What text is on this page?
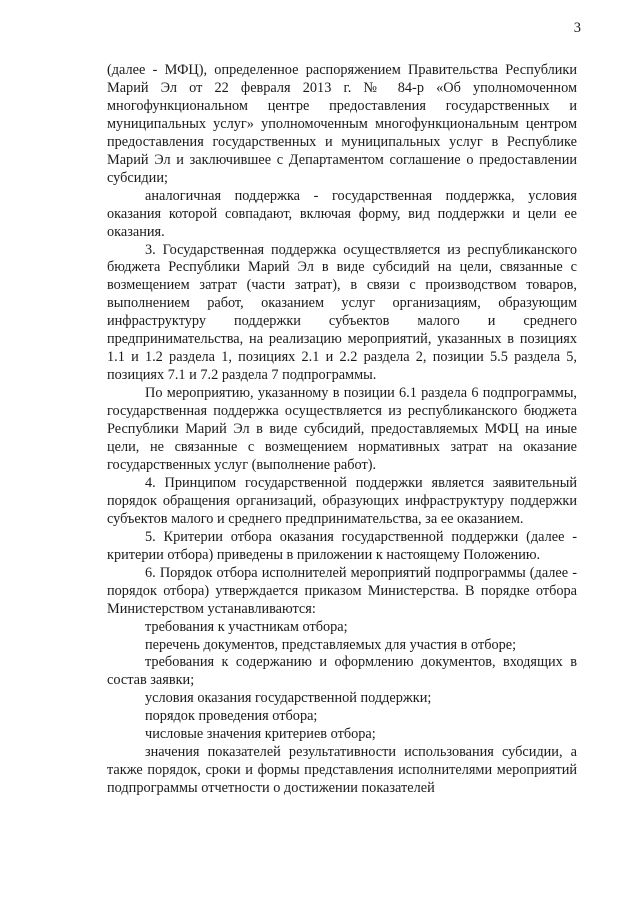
3

(далее - МФЦ), определенное распоряжением Правительства Республики Марий Эл от 22 февраля 2013 г. № 84-р «Об уполномоченном многофункциональном центре предоставления государственных и муниципальных услуг» уполномоченным многофункциональным центром предоставления государственных и муниципальных услуг в Республике Марий Эл и заключившее с Департаментом соглашение о предоставлении субсидии;

аналогичная поддержка - государственная поддержка, условия оказания которой совпадают, включая форму, вид поддержки и цели ее оказания.

3. Государственная поддержка осуществляется из республиканского бюджета Республики Марий Эл в виде субсидий на цели, связанные с возмещением затрат (части затрат), в связи с производством товаров, выполнением работ, оказанием услуг организациям, образующим инфраструктуру поддержки субъектов малого и среднего предпринимательства, на реализацию мероприятий, указанных в позициях 1.1 и 1.2 раздела 1, позициях 2.1 и 2.2 раздела 2, позиции 5.5 раздела 5, позициях 7.1 и 7.2 раздела 7 подпрограммы.

По мероприятию, указанному в позиции 6.1 раздела 6 подпрограммы, государственная поддержка осуществляется из республиканского бюджета Республики Марий Эл в виде субсидий, предоставляемых МФЦ на иные цели, не связанные с возмещением нормативных затрат на оказание государственных услуг (выполнение работ).

4. Принципом государственной поддержки является заявительный порядок обращения организаций, образующих инфраструктуру поддержки субъектов малого и среднего предпринимательства, за ее оказанием.

5. Критерии отбора оказания государственной поддержки (далее - критерии отбора) приведены в приложении к настоящему Положению.

6. Порядок отбора исполнителей мероприятий подпрограммы (далее - порядок отбора) утверждается приказом Министерства. В порядке отбора Министерством устанавливаются:

требования к участникам отбора;

перечень документов, представляемых для участия в отборе;

требования к содержанию и оформлению документов, входящих в состав заявки;

условия оказания государственной поддержки;

порядок проведения отбора;

числовые значения критериев отбора;

значения показателей результативности использования субсидии, а также порядок, сроки и формы представления исполнителями мероприятий подпрограммы отчетности о достижении показателей
